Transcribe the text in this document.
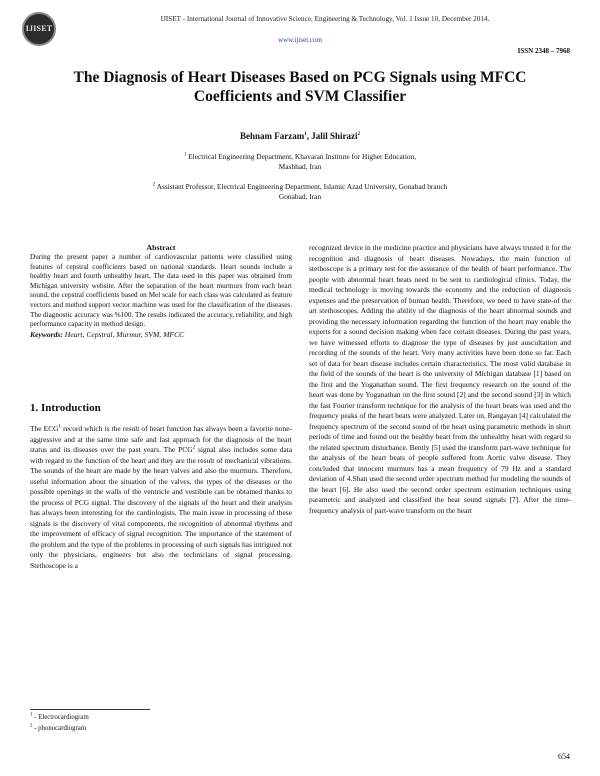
IJISET
IJISET - International Journal of Innovative Science, Engineering & Technology, Vol. 1 Issue 10, December 2014.
www.ijiset.com
ISSN 2348 – 7968
The Diagnosis of Heart Diseases Based on PCG Signals using MFCC Coefficients and SVM Classifier
Behnam Farzam$^1$, Jalil Shirazi$^2$
$^1$ Electrical Engineering Department, Khavaran Institute for Higher Education,
Mashhad, Iran
$^2$ Assistant Professor, Electrical Engineering Department, Islamic Azad University, Gonabad branch
Gonabad, Iran
Abstract

During the present paper a number of cardiovascular patients were classified using features of cepstral coefficients based on national standards. Heart sounds include a healthy heart and fourth unhealthy heart, The data used in this paper was obtained from Michigan university website. After the separation of the heart murmurs from each heart sound, the cepstral coefficients based on Mel scale for each class was calculated as feature vectors and method support vector machine was used for the classification of the diseases. The diagnostic accuracy was %100. The results indicated the accuracy, reliability, and high performance capacity in method design.

Keywords: Heart, Cepstral, Murmur, SVM, MFCC

1. Introduction

The ECG$^1$ record which is the result of heart function has always been a favorite none-aggressive and at the same time safe and fast approach for the diagnosis of the heart status and its diseases over the past years. The PCG$^2$ signal also includes some data with regard to the function of the heart and they are the result of mechanical vibrations. The sounds of the heart are made by the heart valves and also the murmurs. Therefore, useful information about the situation of the valves, the types of the diseases or the possible openings in the walls of the ventricle and vestibule can be obtained thanks to the process of PCG signal. The discovery of the signals of the heart and their analysis has always been interesting for the cardiologists. The main issue in processing of these signals is the discovery of vital components, the recognition of abnormal rhythms and the improvement of efficacy of signal recognition. The importance of the statement of the problem and the type of the problems in processing of such signals has intrigued not only the physicians, engineers but also the technicians of signal processing. Stethoscope is a

recognized device in the medicine practice and physicians have always trusted it for the recognition and diagnosis of heart diseases. Nowadays, the main function of stethoscope is a primary test for the assurance of the health of heart performance. The people with abnormal heart beats need to be sent to cardiological clinics. Today, the medical technology is moving towards the economy and the reduction of diagnosis expenses and the preservation of human health. Therefore, we need to have state-of the art stethoscopes. Adding the ability of the diagnosis of the heart abnormal sounds and providing the necessary information regarding the function of the heart may enable the experts for a sound decision making when face certain diseases. During the past years, we have witnessed efforts to diagnose the type of diseases by just auscultation and recording of the sounds of the heart. Very many activities have been done so far. Each set of data for heart disease includes certain characteristics. The most valid database in the field of the sounds of the heart is the university of Michigan database [1] based on the first and the Yoganathan sound. The first frequency research on the sound of the heart was done by Yoganathan on the first sound [2] and the second sound [3] in which the fast Fourier transform technique for the analysis of the heart beats was used and the frequency peaks of the heart beats were analyzed. Later on, Rangayan [4] calculated the frequency spectrum of the second sound of the heart using parametric methods in short periods of time and found out the healthy heart from the unhealthy heart with regard to the related spectrum disturbance. Bently [5] used the transform part-wave technique for the analysis of the heart beats of people suffered from Aortic valve disease. They concluded that innocent murmurs has a mean frequency of 79 Hz and a standard deviation of 4.Shan used the second order spectrum method for modeling the sounds of the heart [6]. He also used the second order spectrum estimation techniques using parametric and analyzed and classified the hear sound signals [7]. After the time-frequency analysis of part-wave transform on the heart

$^1$ - Electrocardiogram
$^2$ - phonocardiogram
654
